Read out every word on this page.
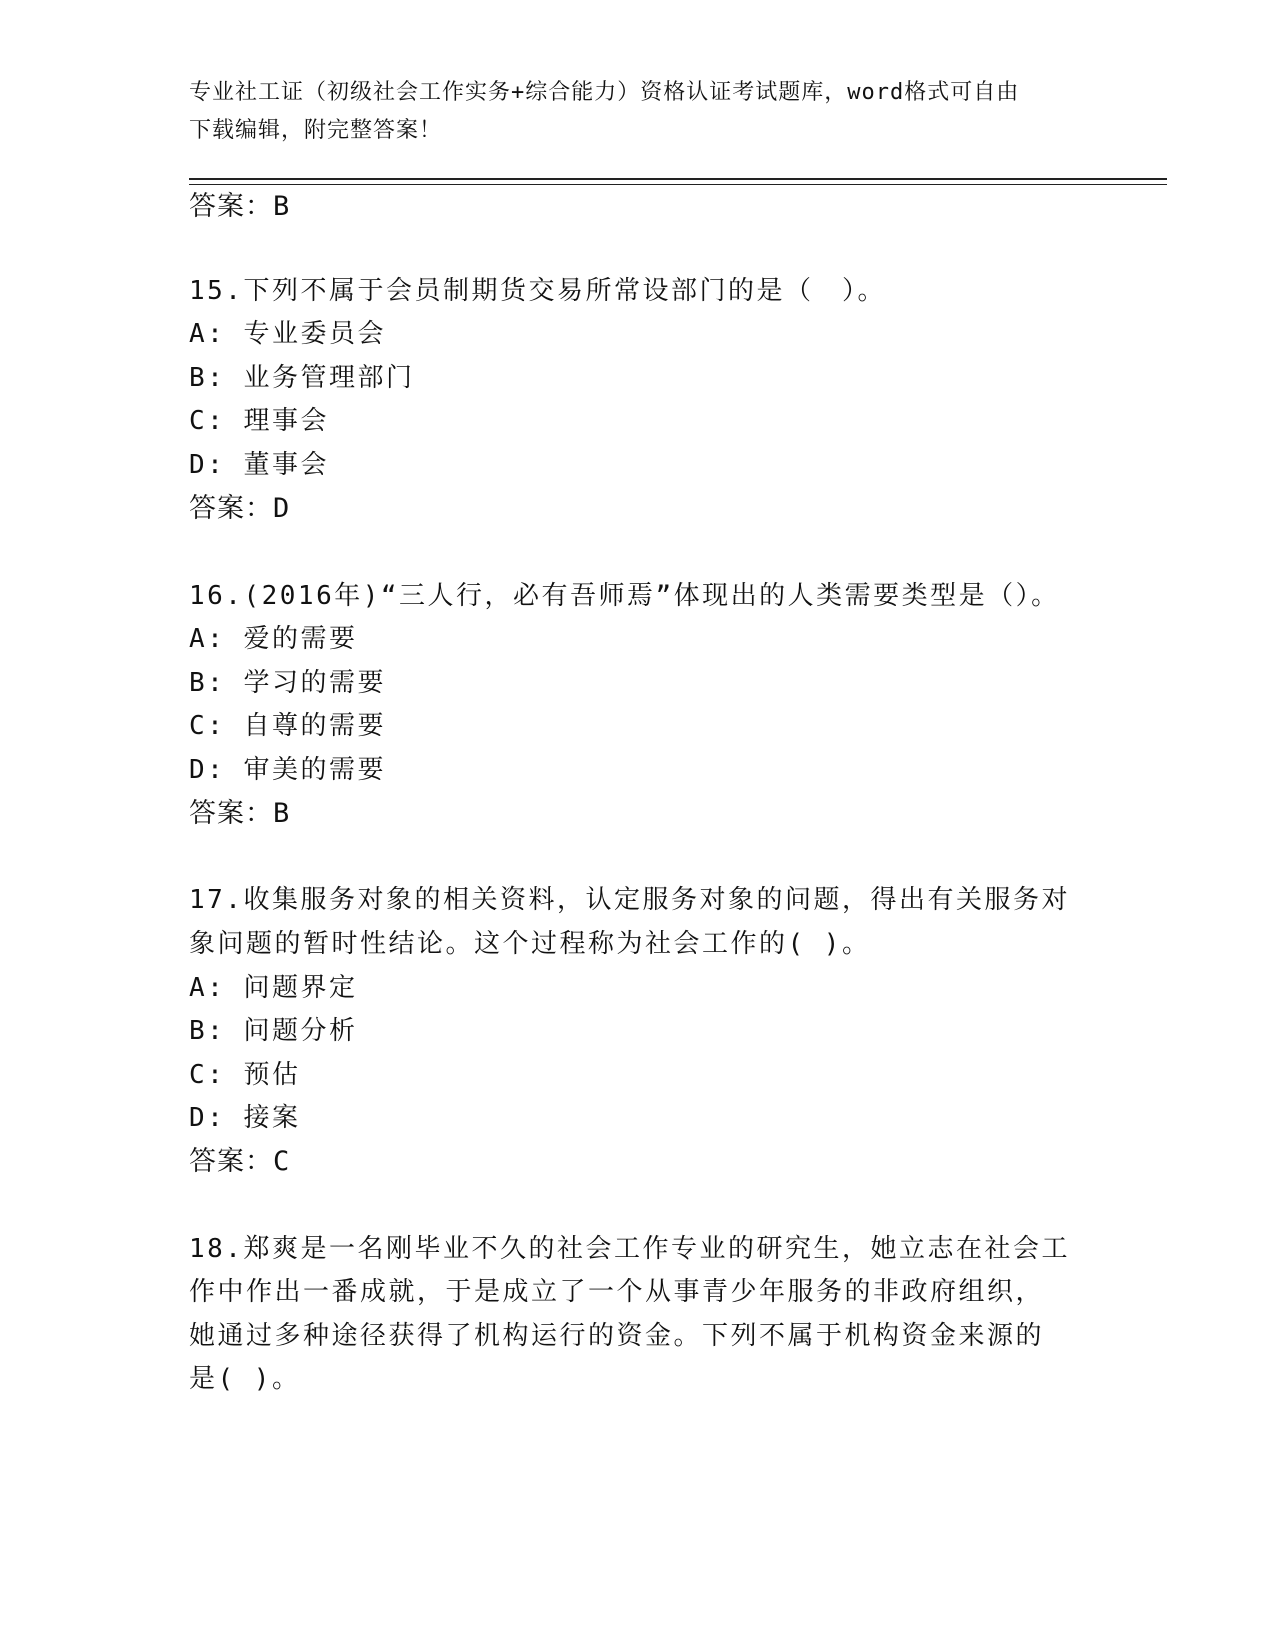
专业社工证（初级社会工作实务+综合能力）资格认证考试题库，word格式可自由
下载编辑，附完整答案！
答案：B
15.下列不属于会员制期货交易所常设部门的是（　）。
A: 专业委员会
B: 业务管理部门
C: 理事会
D: 董事会
答案：D
16.(2016年)“三人行，必有吾师焉”体现出的人类需要类型是（）。
A: 爱的需要
B: 学习的需要
C: 自尊的需要
D: 审美的需要
答案：B
17.收集服务对象的相关资料，认定服务对象的问题，得出有关服务对
象问题的暂时性结论。这个过程称为社会工作的( )。
A: 问题界定
B: 问题分析
C: 预估
D: 接案
答案：C
18.郑爽是一名刚毕业不久的社会工作专业的研究生，她立志在社会工
作中作出一番成就，于是成立了一个从事青少年服务的非政府组织，
她通过多种途径获得了机构运行的资金。下列不属于机构资金来源的
是( )。
